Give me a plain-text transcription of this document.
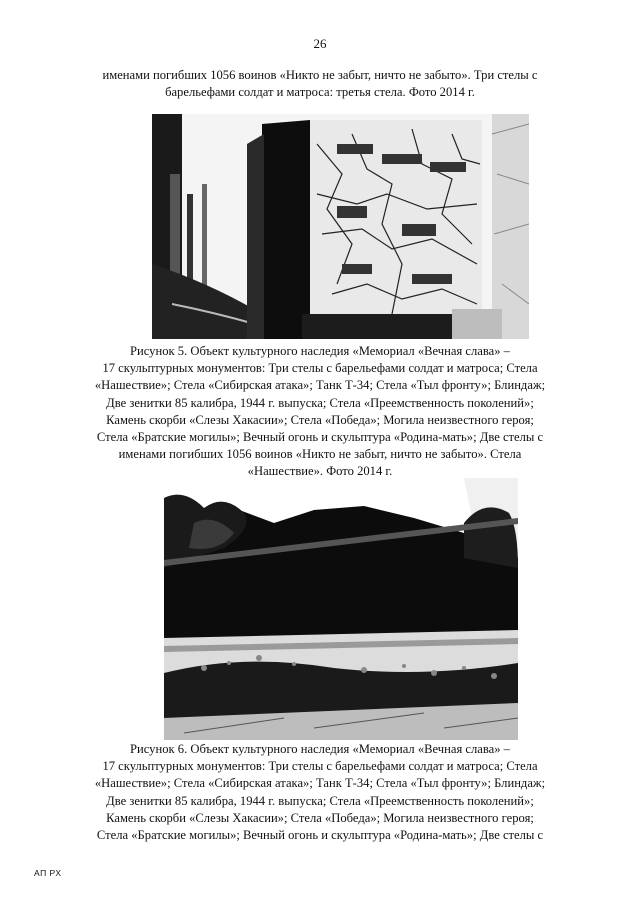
26
именами погибших 1056 воинов «Никто не забыт, ничто не забыто». Три стелы с
барельефами солдат и матроса: третья стела. Фото 2014 г.
Рисунок 5. Объект культурного наследия «Мемориал «Вечная слава» –
17 скульптурных монументов: Три стелы с барельефами солдат и матроса; Стела
«Нашествие»; Стела «Сибирская атака»; Танк Т-34; Стела «Тыл фронту»; Блиндаж;
Две зенитки 85 калибра, 1944 г. выпуска; Стела «Преемственность поколений»;
Камень скорби «Слезы Хакасии»; Стела «Победа»; Могила неизвестного героя;
Стела «Братские могилы»; Вечный огонь и скульптура «Родина-мать»; Две стелы с
именами погибших 1056 воинов «Никто не забыт, ничто не забыто». Стела
«Нашествие». Фото 2014 г.
Рисунок 6. Объект культурного наследия «Мемориал «Вечная слава» –
17 скульптурных монументов: Три стелы с барельефами солдат и матроса; Стела
«Нашествие»; Стела «Сибирская атака»; Танк Т-34; Стела «Тыл фронту»; Блиндаж;
Две зенитки 85 калибра, 1944 г. выпуска; Стела «Преемственность поколений»;
Камень скорби «Слезы Хакасии»; Стела «Победа»; Могила неизвестного героя;
Стела «Братские могилы»; Вечный огонь и скульптура «Родина-мать»; Две стелы с
АП РХ
